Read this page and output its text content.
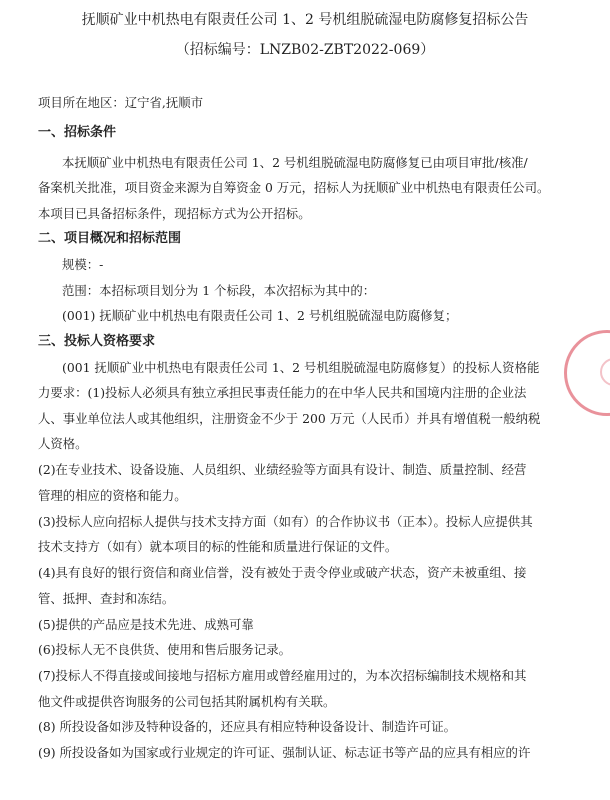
抚顺矿业中机热电有限责任公司 1、2 号机组脱硫湿电防腐修复招标公告
（招标编号：LNZB02-ZBT2022-069）
项目所在地区：辽宁省,抚顺市
一、招标条件
本抚顺矿业中机热电有限责任公司 1、2 号机组脱硫湿电防腐修复已由项目审批/核准/
备案机关批准，项目资金来源为自筹资金 0 万元，招标人为抚顺矿业中机热电有限责任公司。
本项目已具备招标条件，现招标方式为公开招标。
二、项目概况和招标范围
规模：-
范围：本招标项目划分为 1 个标段，本次招标为其中的：
(001) 抚顺矿业中机热电有限责任公司 1、2 号机组脱硫湿电防腐修复；
三、投标人资格要求
(001 抚顺矿业中机热电有限责任公司 1、2 号机组脱硫湿电防腐修复）的投标人资格能
力要求：(1)投标人必须具有独立承担民事责任能力的在中华人民共和国境内注册的企业法
人、事业单位法人或其他组织，注册资金不少于 200 万元（人民币）并具有增值税一般纳税
人资格。
(2)在专业技术、设备设施、人员组织、业绩经验等方面具有设计、制造、质量控制、经营
管理的相应的资格和能力。
(3)投标人应向招标人提供与技术支持方面（如有）的合作协议书（正本）。投标人应提供其
技术支持方（如有）就本项目的标的性能和质量进行保证的文件。
(4)具有良好的银行资信和商业信誉，没有被处于责令停业或破产状态，资产未被重组、接
管、抵押、查封和冻结。
(5)提供的产品应是技术先进、成熟可靠
(6)投标人无不良供货、使用和售后服务记录。
(7)投标人不得直接或间接地与招标方雇用或曾经雇用过的，为本次招标编制技术规格和其
他文件或提供咨询服务的公司包括其附属机构有关联。
(8) 所投设备如涉及特种设备的，还应具有相应特种设备设计、制造许可证。
(9) 所投设备如为国家或行业规定的许可证、强制认证、标志证书等产品的应具有相应的许
